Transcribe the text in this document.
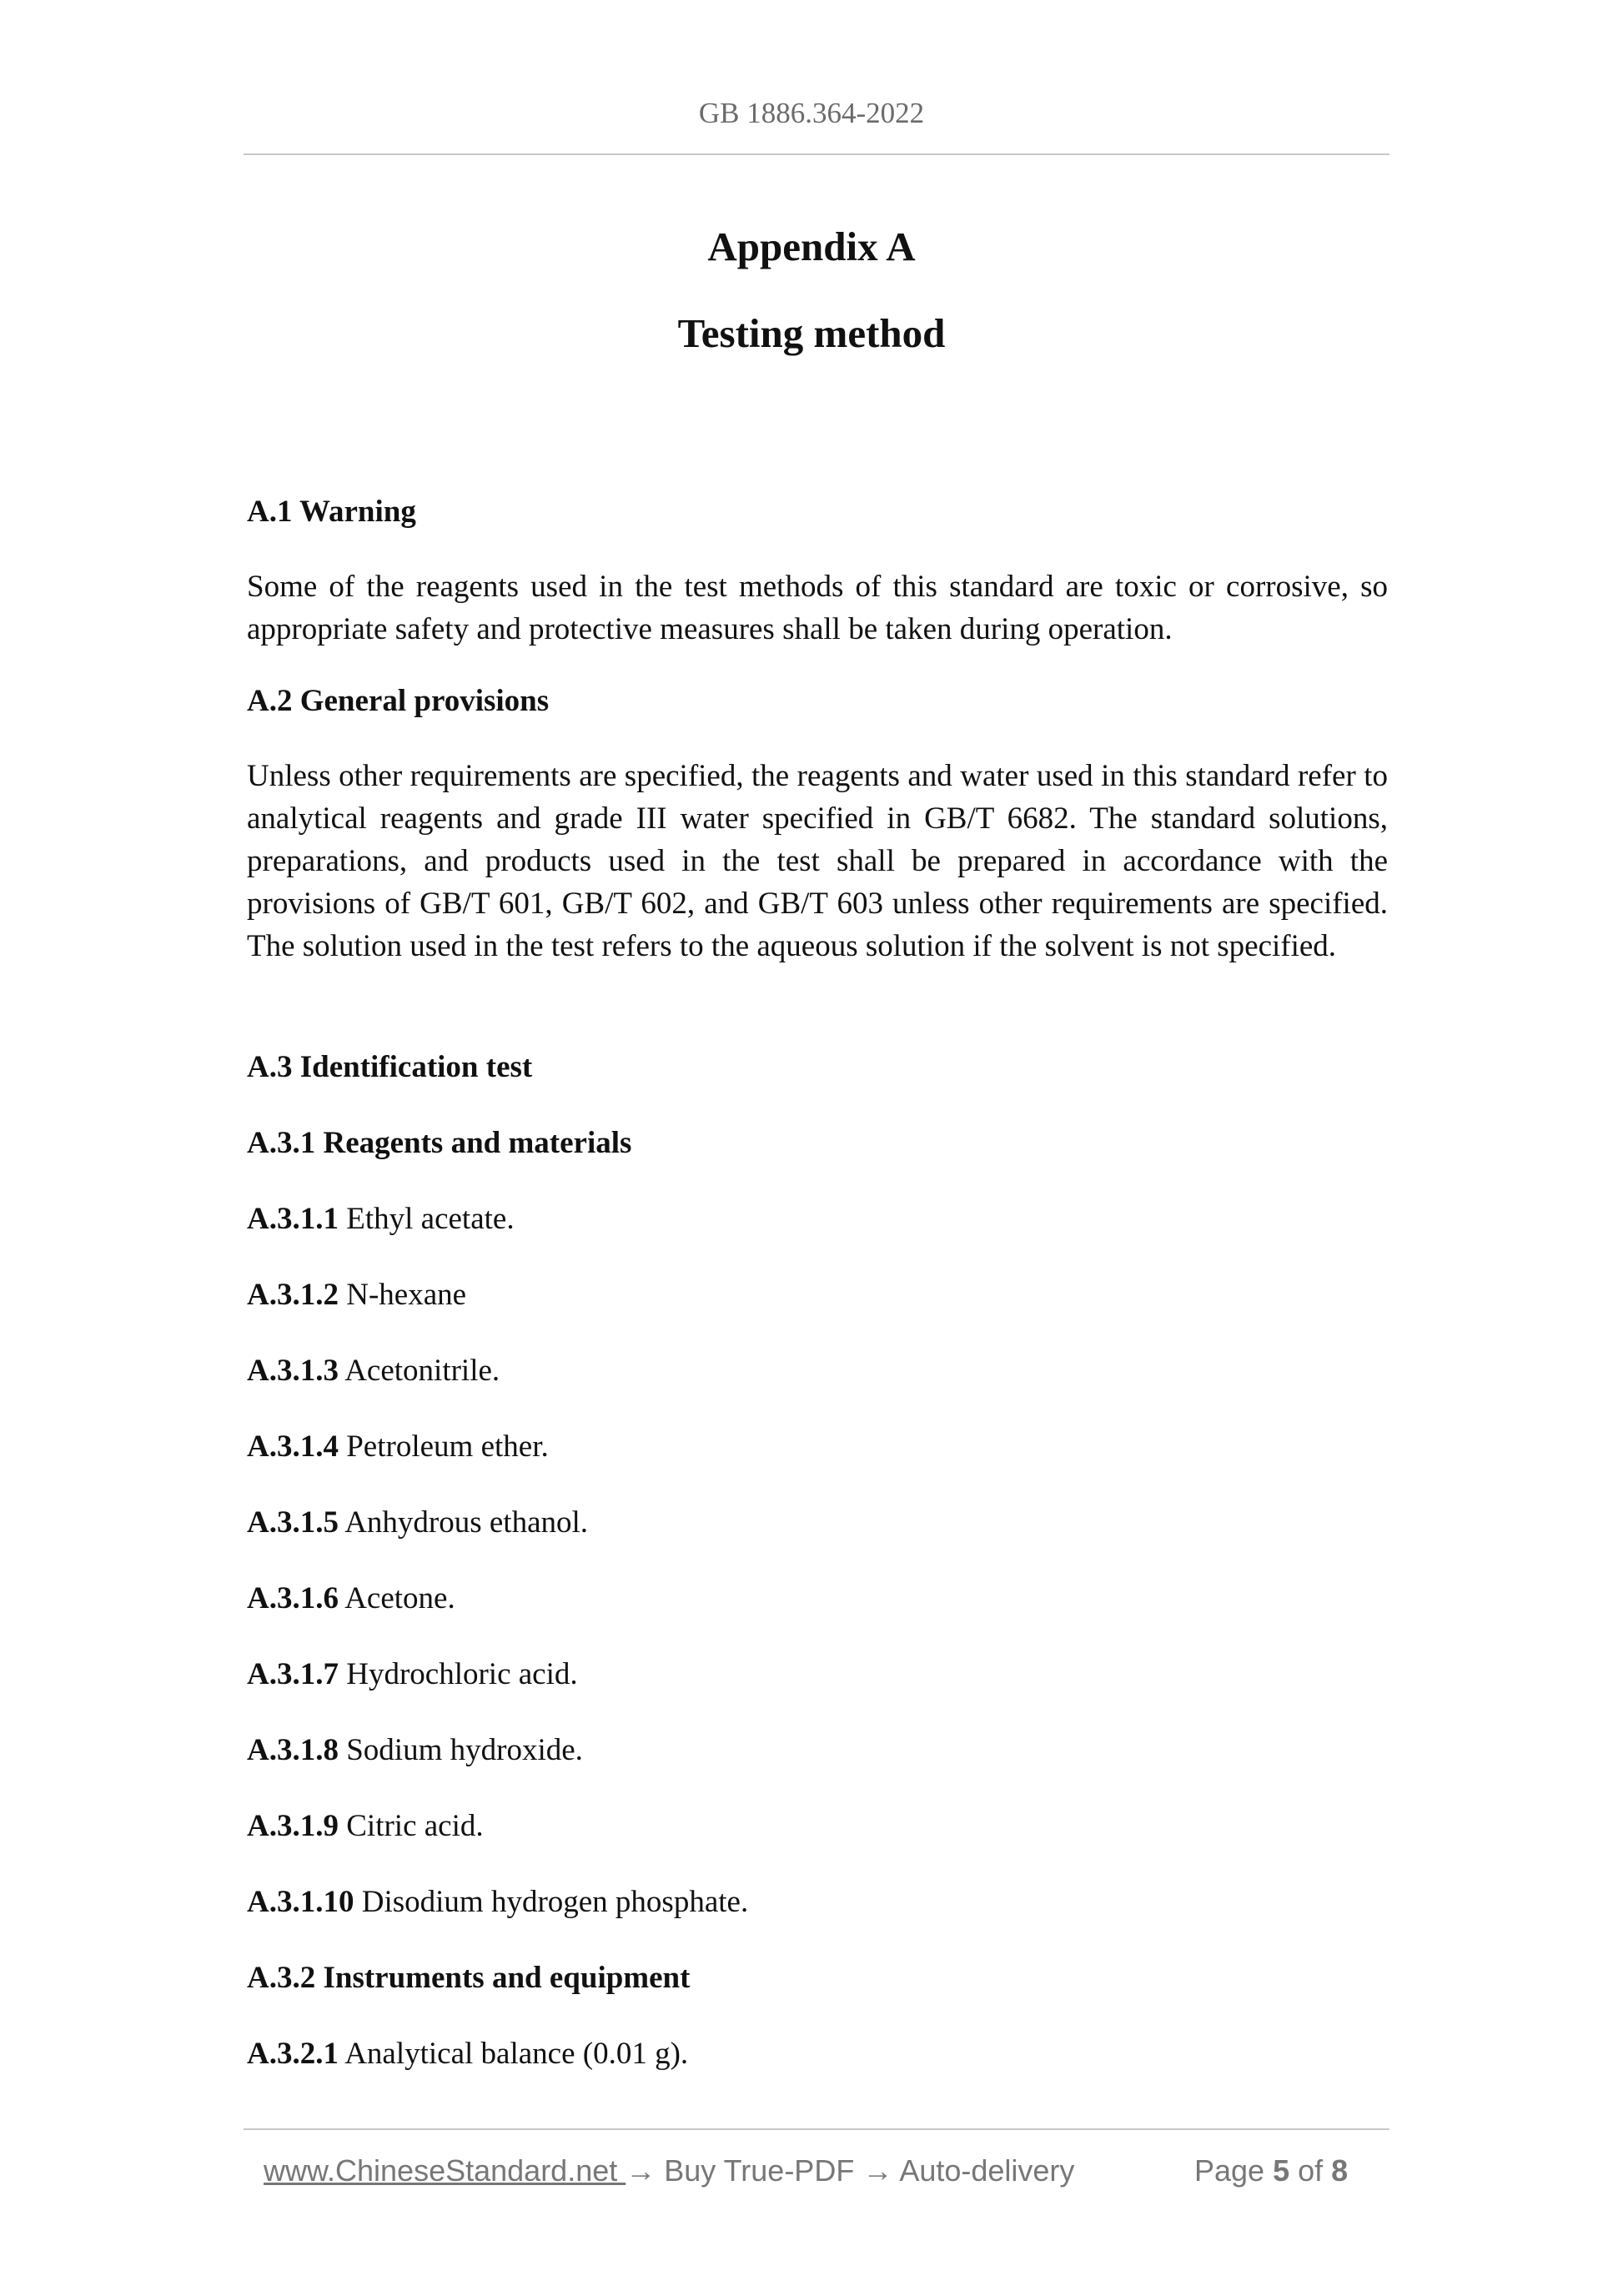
GB 1886.364-2022
Appendix A
Testing method
A.1 Warning
Some of the reagents used in the test methods of this standard are toxic or corrosive, so appropriate safety and protective measures shall be taken during operation.
A.2 General provisions
Unless other requirements are specified, the reagents and water used in this standard refer to analytical reagents and grade III water specified in GB/T 6682. The standard solutions, preparations, and products used in the test shall be prepared in accordance with the provisions of GB/T 601, GB/T 602, and GB/T 603 unless other requirements are specified. The solution used in the test refers to the aqueous solution if the solvent is not specified.
A.3 Identification test
A.3.1 Reagents and materials
A.3.1.1 Ethyl acetate.
A.3.1.2 N-hexane
A.3.1.3 Acetonitrile.
A.3.1.4 Petroleum ether.
A.3.1.5 Anhydrous ethanol.
A.3.1.6 Acetone.
A.3.1.7 Hydrochloric acid.
A.3.1.8 Sodium hydroxide.
A.3.1.9 Citric acid.
A.3.1.10 Disodium hydrogen phosphate.
A.3.2 Instruments and equipment
A.3.2.1 Analytical balance (0.01 g).
www.ChineseStandard.net → Buy True-PDF → Auto-delivery	Page 5 of 8
